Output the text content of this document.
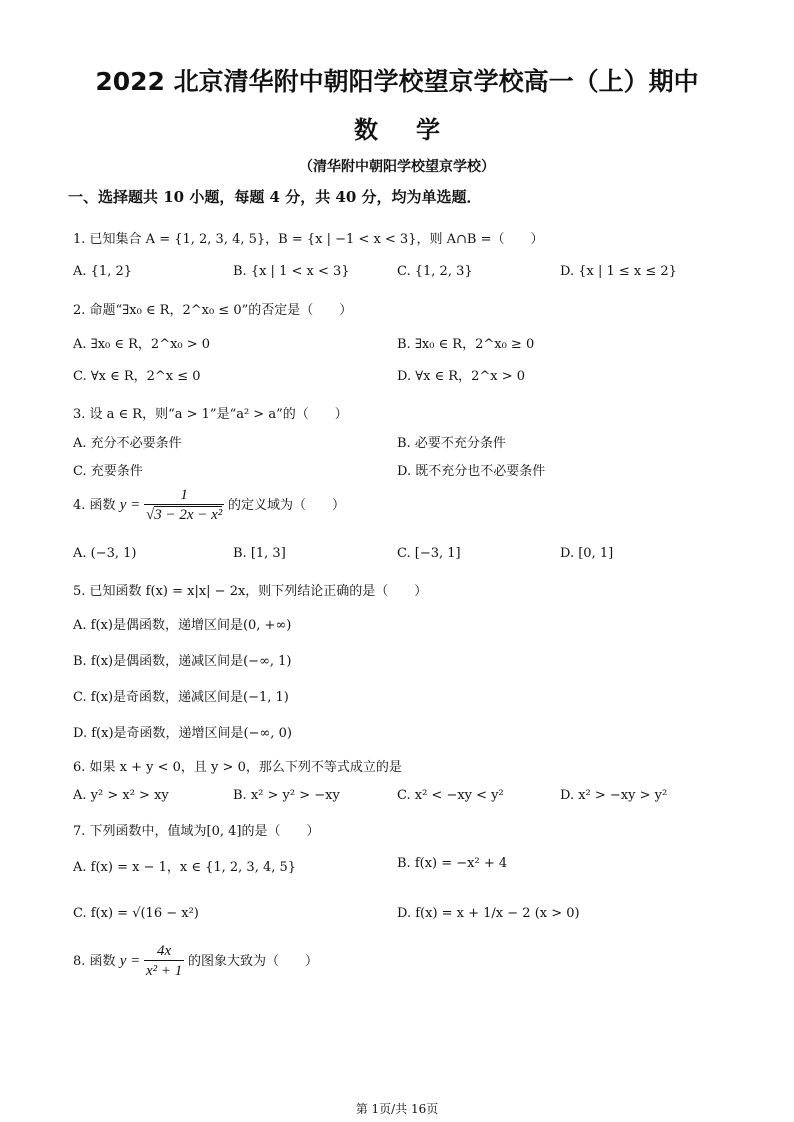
2022 北京清华附中朝阳学校望京学校高一（上）期中
数学
（清华附中朝阳学校望京学校）
一、选择题共 10 小题，每题 4 分，共 40 分，均为单选题．
1. 已知集合 A = {1, 2, 3, 4, 5}，B = {x | −1 < x < 3}，则 A∩B =（　　）
A. {1, 2}	B. {x | 1 < x < 3}	C. {1, 2, 3}	D. {x | 1 ≤ x ≤ 2}
2. 命题“∃x₀ ∈ R，2^x₀ ≤ 0”的否定是（　　）
A. ∃x₀ ∈ R，2^x₀ > 0	B. ∃x₀ ∈ R，2^x₀ ≥ 0
C. ∀x ∈ R，2^x ≤ 0	D. ∀x ∈ R，2^x > 0
3. 设 a ∈ R，则“a > 1”是“a² > a”的（　　）
A. 充分不必要条件	B. 必要不充分条件
C. 充要条件	D. 既不充分也不必要条件
4. 函数 $y = \frac{1}{\text{√3 − 2x − x²}}$ 的定义域为（　　）
A. (−3, 1)	B. [1, 3]	C. [−3, 1]	D. [0, 1]
5. 已知函数 f(x) = x|x| − 2x，则下列结论正确的是（　　）
A. f(x)是偶函数，递增区间是(0, +∞)
B. f(x)是偶函数，递减区间是(−∞, 1)
C. f(x)是奇函数，递减区间是(−1, 1)
D. f(x)是奇函数，递增区间是(−∞, 0)
6. 如果 x + y < 0，且 y > 0，那么下列不等式成立的是
A. y² > x² > xy	B. x² > y² > −xy	C. x² < −xy < y²	D. x² > −xy > y²
7. 下列函数中，值域为[0, 4]的是（　　）
A. f(x) = x − 1，x ∈ {1, 2, 3, 4, 5}	B. f(x) = −x² + 4
C. f(x) = √(16 − x²)	D. f(x) = x + 1/x − 2 (x > 0)
8. 函数 $y = \frac{4x}{\text{x² + 1}}$ 的图象大致为（　　）
第 1页/共 16页
